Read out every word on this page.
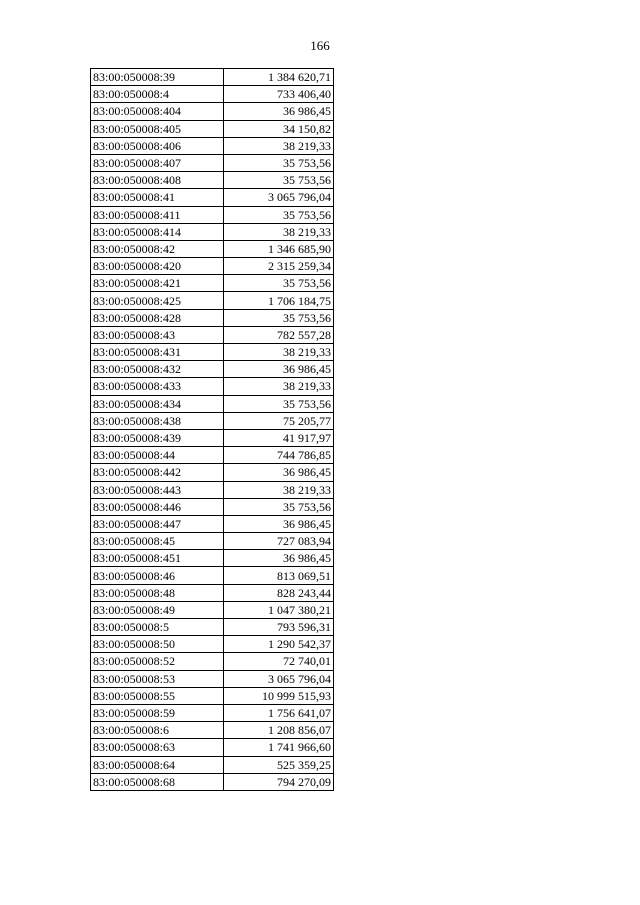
166
83:00:050008:39	1 384 620,71
83:00:050008:4	733 406,40
83:00:050008:404	36 986,45
83:00:050008:405	34 150,82
83:00:050008:406	38 219,33
83:00:050008:407	35 753,56
83:00:050008:408	35 753,56
83:00:050008:41	3 065 796,04
83:00:050008:411	35 753,56
83:00:050008:414	38 219,33
83:00:050008:42	1 346 685,90
83:00:050008:420	2 315 259,34
83:00:050008:421	35 753,56
83:00:050008:425	1 706 184,75
83:00:050008:428	35 753,56
83:00:050008:43	782 557,28
83:00:050008:431	38 219,33
83:00:050008:432	36 986,45
83:00:050008:433	38 219,33
83:00:050008:434	35 753,56
83:00:050008:438	75 205,77
83:00:050008:439	41 917,97
83:00:050008:44	744 786,85
83:00:050008:442	36 986,45
83:00:050008:443	38 219,33
83:00:050008:446	35 753,56
83:00:050008:447	36 986,45
83:00:050008:45	727 083,94
83:00:050008:451	36 986,45
83:00:050008:46	813 069,51
83:00:050008:48	828 243,44
83:00:050008:49	1 047 380,21
83:00:050008:5	793 596,31
83:00:050008:50	1 290 542,37
83:00:050008:52	72 740,01
83:00:050008:53	3 065 796,04
83:00:050008:55	10 999 515,93
83:00:050008:59	1 756 641,07
83:00:050008:6	1 208 856,07
83:00:050008:63	1 741 966,60
83:00:050008:64	525 359,25
83:00:050008:68	794 270,09
